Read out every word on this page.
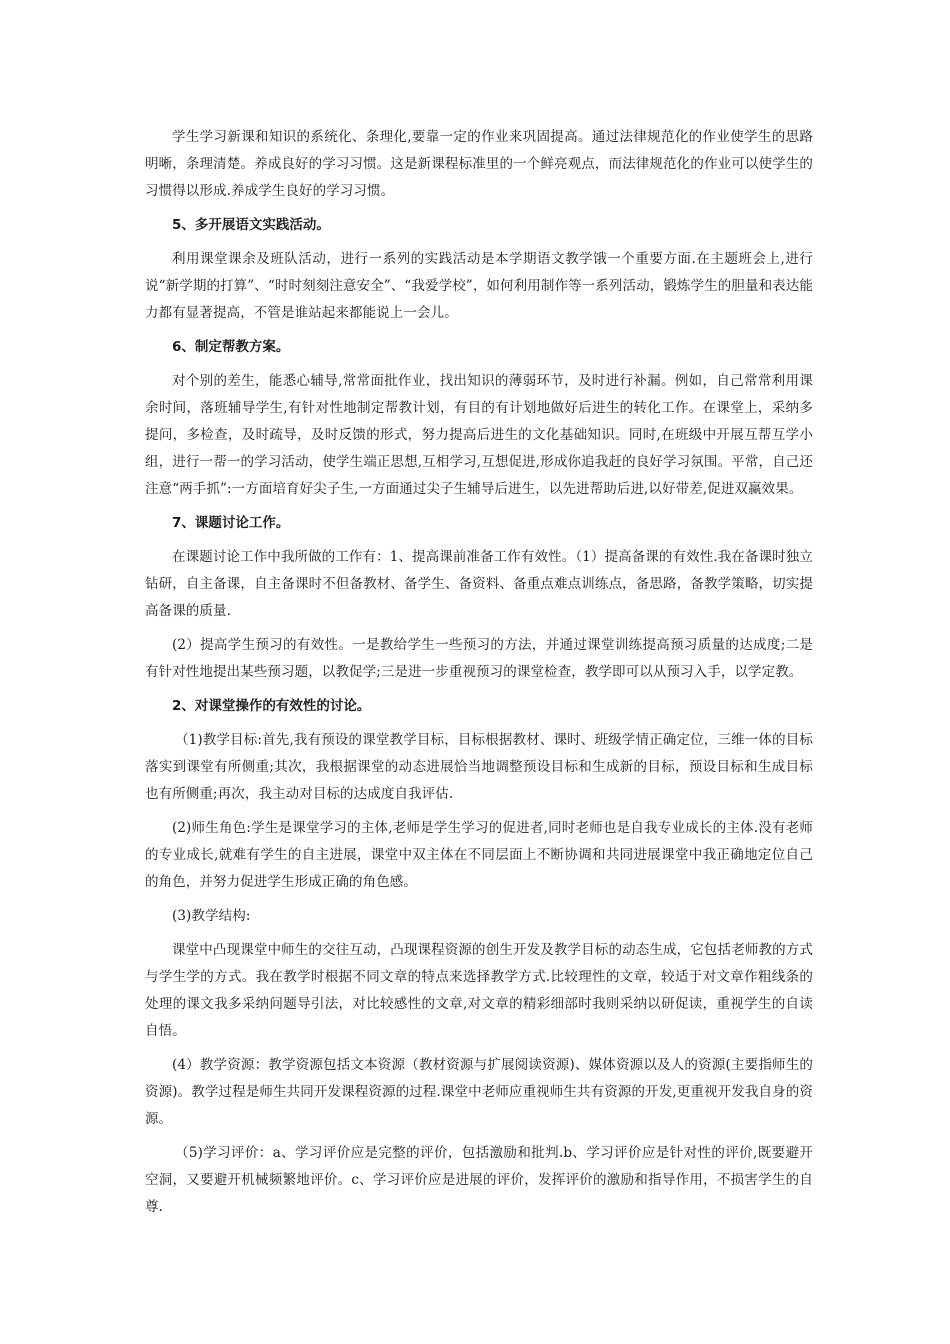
学生学习新课和知识的系统化、条理化,要靠一定的作业来巩固提高。通过法律规范化的作业使学生的思路明晰，条理清楚。养成良好的学习习惯。这是新课程标准里的一个鲜亮观点，而法律规范化的作业可以使学生的习惯得以形成.养成学生良好的学习习惯。

5、多开展语文实践活动。

利用课堂课余及班队活动，进行一系列的实践活动是本学期语文教学饿一个重要方面.在主题班会上,进行说“新学期的打算”、“时时刻刻注意安全”、“我爱学校”，如何利用制作等一系列活动，锻炼学生的胆量和表达能力都有显著提高，不管是谁站起来都能说上一会儿。

6、制定帮教方案。

对个别的差生，能悉心辅导,常常面批作业，找出知识的薄弱环节，及时进行补漏。例如，自己常常利用课余时间，落班辅导学生,有针对性地制定帮教计划，有目的有计划地做好后进生的转化工作。在课堂上，采纳多提问，多检查，及时疏导，及时反馈的形式，努力提高后进生的文化基础知识。同时,在班级中开展互帮互学小组，进行一帮一的学习活动，使学生端正思想,互相学习,互想促进,形成你追我赶的良好学习氛围。平常，自己还注意“两手抓”:一方面培育好尖子生,一方面通过尖子生辅导后进生，以先进帮助后进,以好带差,促进双赢效果。

7、课题讨论工作。

在课题讨论工作中我所做的工作有：1、提高课前准备工作有效性。（1）提高备课的有效性.我在备课时独立钻研，自主备课，自主备课时不但备教材、备学生、备资料、备重点难点训练点，备思路，备教学策略，切实提高备课的质量.

(2）提高学生预习的有效性。一是教给学生一些预习的方法，并通过课堂训练提高预习质量的达成度;二是有针对性地提出某些预习题，以教促学;三是进一步重视预习的课堂检查，教学即可以从预习入手，以学定教。

2、对课堂操作的有效性的讨论。

（1)教学目标:首先,我有预设的课堂教学目标，目标根据教材、课时、班级学情正确定位，三维一体的目标落实到课堂有所侧重;其次，我根据课堂的动态进展恰当地调整预设目标和生成新的目标，预设目标和生成目标也有所侧重;再次，我主动对目标的达成度自我评估.

(2)师生角色:学生是课堂学习的主体,老师是学生学习的促进者,同时老师也是自我专业成长的主体.没有老师的专业成长,就难有学生的自主进展，课堂中双主体在不同层面上不断协调和共同进展课堂中我正确地定位自己的角色，并努力促进学生形成正确的角色感。

(3)教学结构:

课堂中凸现课堂中师生的交往互动，凸现课程资源的创生开发及教学目标的动态生成，它包括老师教的方式与学生学的方式。我在教学时根据不同文章的特点来选择教学方式.比较理性的文章，较适于对文章作粗线条的处理的课文我多采纳问题导引法，对比较感性的文章,对文章的精彩细部时我则采纳以研促读，重视学生的自读自悟。

(4）教学资源：教学资源包括文本资源（教材资源与扩展阅读资源)、媒体资源以及人的资源(主要指师生的资源)。教学过程是师生共同开发课程资源的过程.课堂中老师应重视师生共有资源的开发,更重视开发我自身的资源。

（5)学习评价：a、学习评价应是完整的评价，包括激励和批判.b、学习评价应是针对性的评价,既要避开空洞，又要避开机械频繁地评价。c、学习评价应是进展的评价，发挥评价的激励和指导作用，不损害学生的自尊.
